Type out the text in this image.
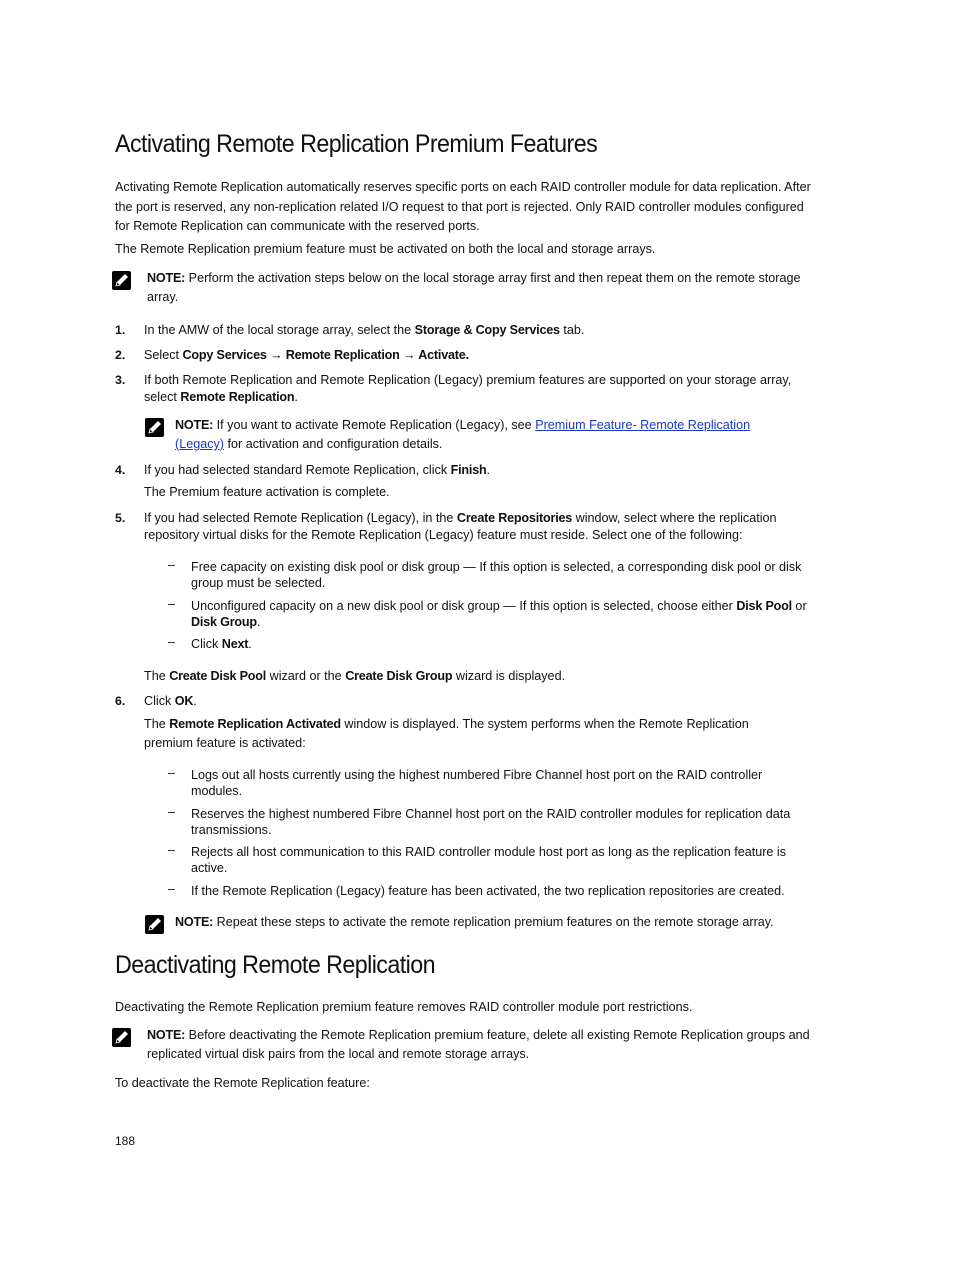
Activating Remote Replication Premium Features

Activating Remote Replication automatically reserves specific ports on each RAID controller module for data replication. After the port is reserved, any non-replication related I/O request to that port is rejected. Only RAID controller modules configured for Remote Replication can communicate with the reserved ports.

The Remote Replication premium feature must be activated on both the local and storage arrays.

NOTE: Perform the activation steps below on the local storage array first and then repeat them on the remote storage array.

1. In the AMW of the local storage array, select the Storage & Copy Services tab.

2. Select Copy Services → Remote Replication → Activate.

3. If both Remote Replication and Remote Replication (Legacy) premium features are supported on your storage array, select Remote Replication.

NOTE: If you want to activate Remote Replication (Legacy), see Premium Feature- Remote Replication (Legacy) for activation and configuration details.

4. If you had selected standard Remote Replication, click Finish.

The Premium feature activation is complete.

5. If you had selected Remote Replication (Legacy), in the Create Repositories window, select where the replication repository virtual disks for the Remote Replication (Legacy) feature must reside. Select one of the following:

– Free capacity on existing disk pool or disk group — If this option is selected, a corresponding disk pool or disk group must be selected.

– Unconfigured capacity on a new disk pool or disk group — If this option is selected, choose either Disk Pool or Disk Group.

– Click Next.

The Create Disk Pool wizard or the Create Disk Group wizard is displayed.

6. Click OK.

The Remote Replication Activated window is displayed. The system performs when the Remote Replication premium feature is activated:

– Logs out all hosts currently using the highest numbered Fibre Channel host port on the RAID controller modules.

– Reserves the highest numbered Fibre Channel host port on the RAID controller modules for replication data transmissions.

– Rejects all host communication to this RAID controller module host port as long as the replication feature is active.

– If the Remote Replication (Legacy) feature has been activated, the two replication repositories are created.

NOTE: Repeat these steps to activate the remote replication premium features on the remote storage array.

Deactivating Remote Replication

Deactivating the Remote Replication premium feature removes RAID controller module port restrictions.

NOTE: Before deactivating the Remote Replication premium feature, delete all existing Remote Replication groups and replicated virtual disk pairs from the local and remote storage arrays.

To deactivate the Remote Replication feature:

188
